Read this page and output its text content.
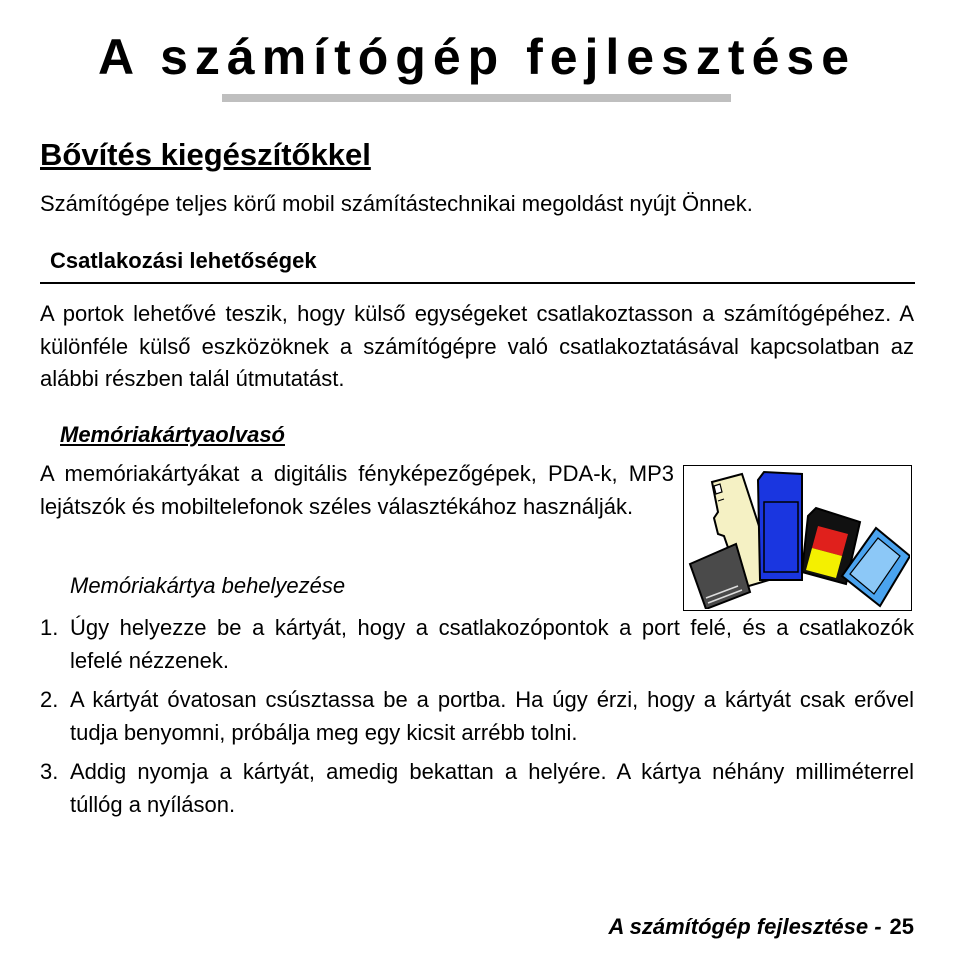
A számítógép fejlesztése
Bővítés kiegészítőkkel
Számítógépe teljes körű mobil számítástechnikai megoldást nyújt Önnek.
Csatlakozási lehetőségek

A portok lehetővé teszik, hogy külső egységeket csatlakoztasson a számítógépéhez. A különféle külső eszközöknek a számítógépre való csatlakoztatásával kapcsolatban az alábbi részben talál útmutatást.

Memóriakártyaolvasó

A memóriakártyákat a digitális fényképezőgépek, PDA-k, MP3 lejátszók és mobiltelefonok széles választékához használják.

Memóriakártya behelyezése
1. Úgy helyezze be a kártyát, hogy a csatlakozópontok a port felé, és a csatlakozók lefelé nézzenek.
2. A kártyát óvatosan csúsztassa be a portba. Ha úgy érzi, hogy a kártyát csak erővel tudja benyomni, próbálja meg egy kicsit arrébb tolni.
3. Addig nyomja a kártyát, amedig bekattan a helyére. A kártya néhány milliméterrel túllóg a nyíláson.
A számítógép fejlesztése - 25
